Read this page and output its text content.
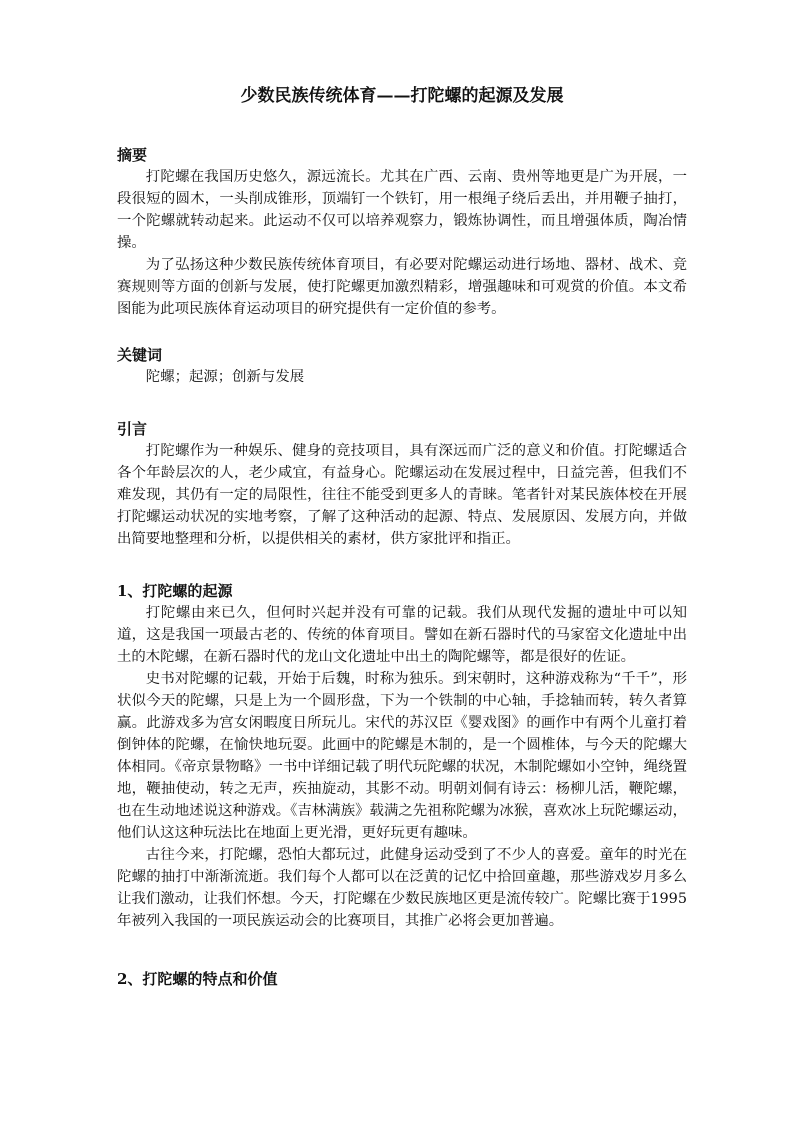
少数民族传统体育——打陀螺的起源及发展

摘要

打陀螺在我国历史悠久，源远流长。尤其在广西、云南、贵州等地更是广为开展，一段很短的圆木，一头削成锥形，顶端钉一个铁钉，用一根绳子绕后丢出，并用鞭子抽打，一个陀螺就转动起来。此运动不仅可以培养观察力，锻炼协调性，而且增强体质，陶冶情操。

为了弘扬这种少数民族传统体育项目，有必要对陀螺运动进行场地、器材、战术、竞赛规则等方面的创新与发展，使打陀螺更加激烈精彩，增强趣味和可观赏的价值。本文希图能为此项民族体育运动项目的研究提供有一定价值的参考。

关键词

陀螺；起源；创新与发展

引言

打陀螺作为一种娱乐、健身的竞技项目，具有深远而广泛的意义和价值。打陀螺适合各个年龄层次的人，老少咸宜，有益身心。陀螺运动在发展过程中，日益完善，但我们不难发现，其仍有一定的局限性，往往不能受到更多人的青睐。笔者针对某民族体校在开展打陀螺运动状况的实地考察，了解了这种活动的起源、特点、发展原因、发展方向，并做出简要地整理和分析，以提供相关的素材，供方家批评和指正。

1、打陀螺的起源

打陀螺由来已久，但何时兴起并没有可靠的记载。我们从现代发掘的遗址中可以知道，这是我国一项最古老的、传统的体育项目。譬如在新石器时代的马家窑文化遗址中出土的木陀螺，在新石器时代的龙山文化遗址中出土的陶陀螺等，都是很好的佐证。

史书对陀螺的记载，开始于后魏，时称为独乐。到宋朝时，这种游戏称为“千千”，形状似今天的陀螺，只是上为一个圆形盘，下为一个铁制的中心轴，手捻轴而转，转久者算赢。此游戏多为宫女闲暇度日所玩儿。宋代的苏汉臣《婴戏图》的画作中有两个儿童打着倒钟体的陀螺，在愉快地玩耍。此画中的陀螺是木制的，是一个圆椎体，与今天的陀螺大体相同。《帝京景物略》一书中详细记载了明代玩陀螺的状况，木制陀螺如小空钟，绳绕置地，鞭抽使动，转之无声，疾抽旋动，其影不动。明朝刘侗有诗云：杨柳儿活，鞭陀螺，也在生动地述说这种游戏。《吉林满族》载满之先祖称陀螺为冰猴，喜欢冰上玩陀螺运动，他们认这这种玩法比在地面上更光滑，更好玩更有趣味。

古往今来，打陀螺，恐怕大都玩过，此健身运动受到了不少人的喜爱。童年的时光在陀螺的抽打中渐渐流逝。我们每个人都可以在泛黄的记忆中拾回童趣，那些游戏岁月多么让我们激动，让我们怀想。今天，打陀螺在少数民族地区更是流传较广。陀螺比赛于1995年被列入我国的一项民族运动会的比赛项目，其推广必将会更加普遍。

2、打陀螺的特点和价值
